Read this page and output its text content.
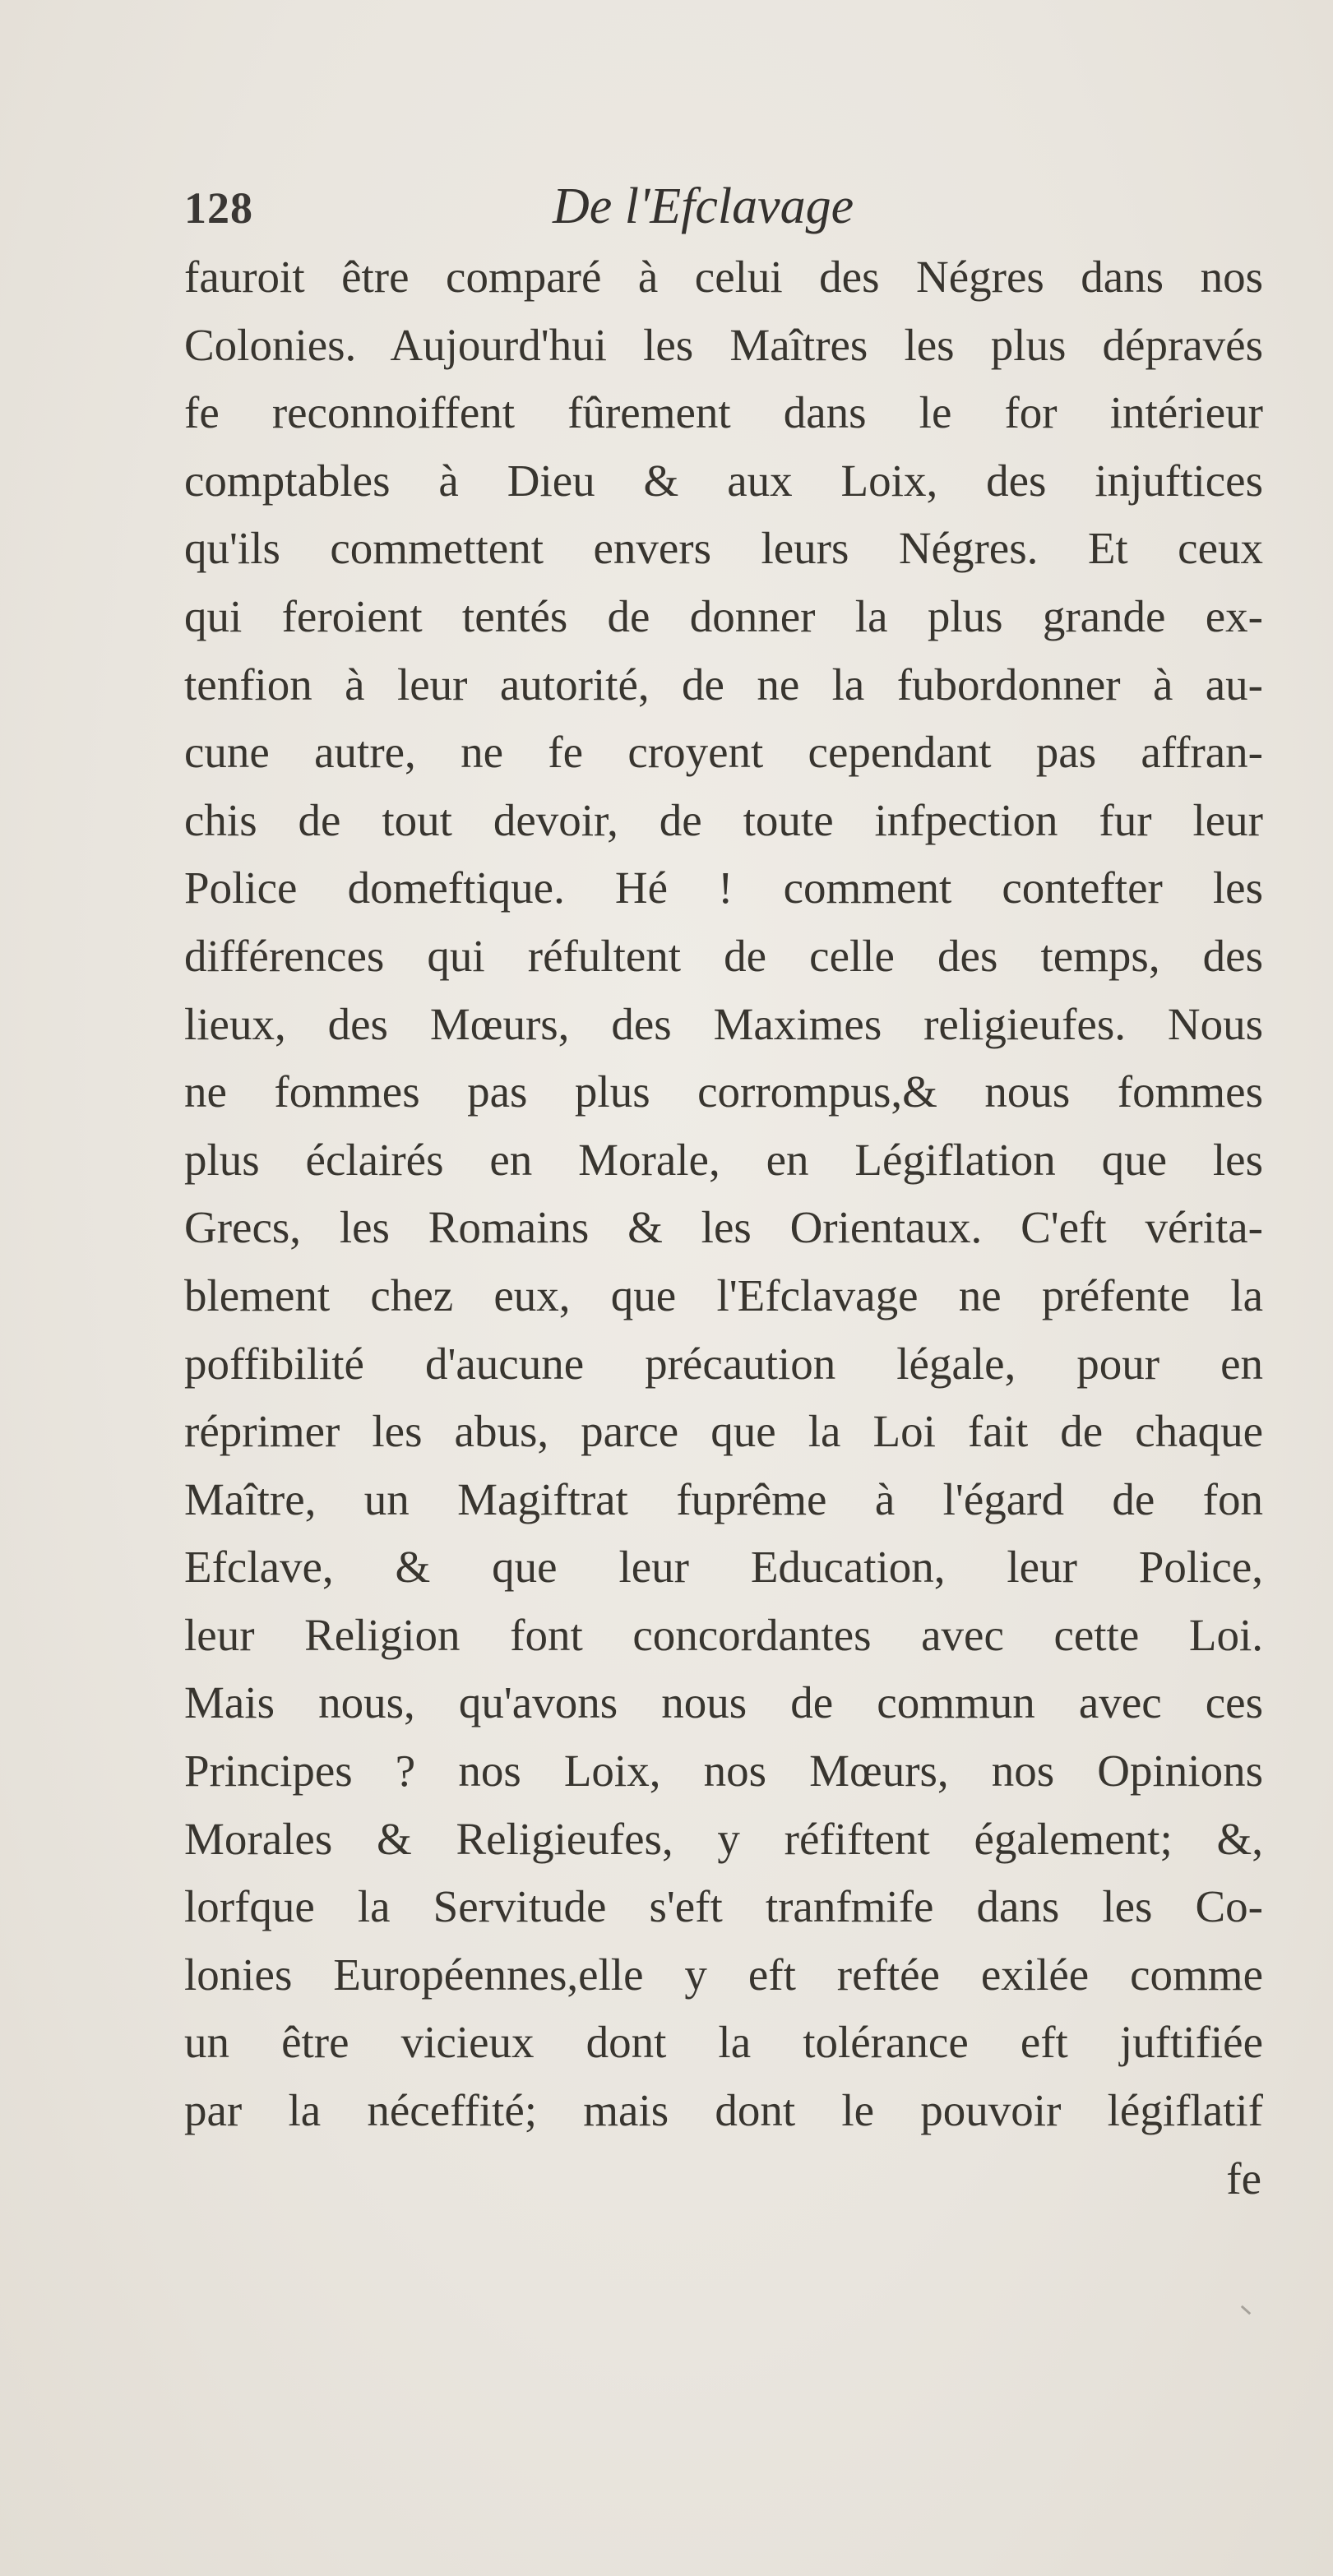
128	De l'Efclavage
fauroit être comparé à celui des Négres dans nos
Colonies. Aujourd'hui les Maîtres les plus dépravés
fe reconnoiffent fûrement dans le for intérieur
comptables à Dieu & aux Loix, des injuftices
qu'ils commettent envers leurs Négres. Et ceux
qui feroient tentés de donner la plus grande ex-
tenfion à leur autorité, de ne la fubordonner à au-
cune autre, ne fe croyent cependant pas affran-
chis de tout devoir, de toute infpection fur leur
Police domeftique. Hé ! comment contefter les
différences qui réfultent de celle des temps, des
lieux, des Mœurs, des Maximes religieufes. Nous
ne fommes pas plus corrompus,& nous fommes
plus éclairés en Morale, en Légiflation que les
Grecs, les Romains & les Orientaux. C'eft vérita-
blement chez eux, que l'Efclavage ne préfente la
poffibilité d'aucune précaution légale, pour en
réprimer les abus, parce que la Loi fait de chaque
Maître, un Magiftrat fuprême à l'égard de fon
Efclave, & que leur Education, leur Police,
leur Religion font concordantes avec cette Loi.
Mais nous, qu'avons nous de commun avec ces
Principes ? nos Loix, nos Mœurs, nos Opinions
Morales & Religieufes, y réfiftent également; &,
lorfque la Servitude s'eft tranfmife dans les Co-
lonies Européennes,elle y eft reftée exilée comme
un être vicieux dont la tolérance eft juftifiée
par la néceffité; mais dont le pouvoir légiflatif
fe
